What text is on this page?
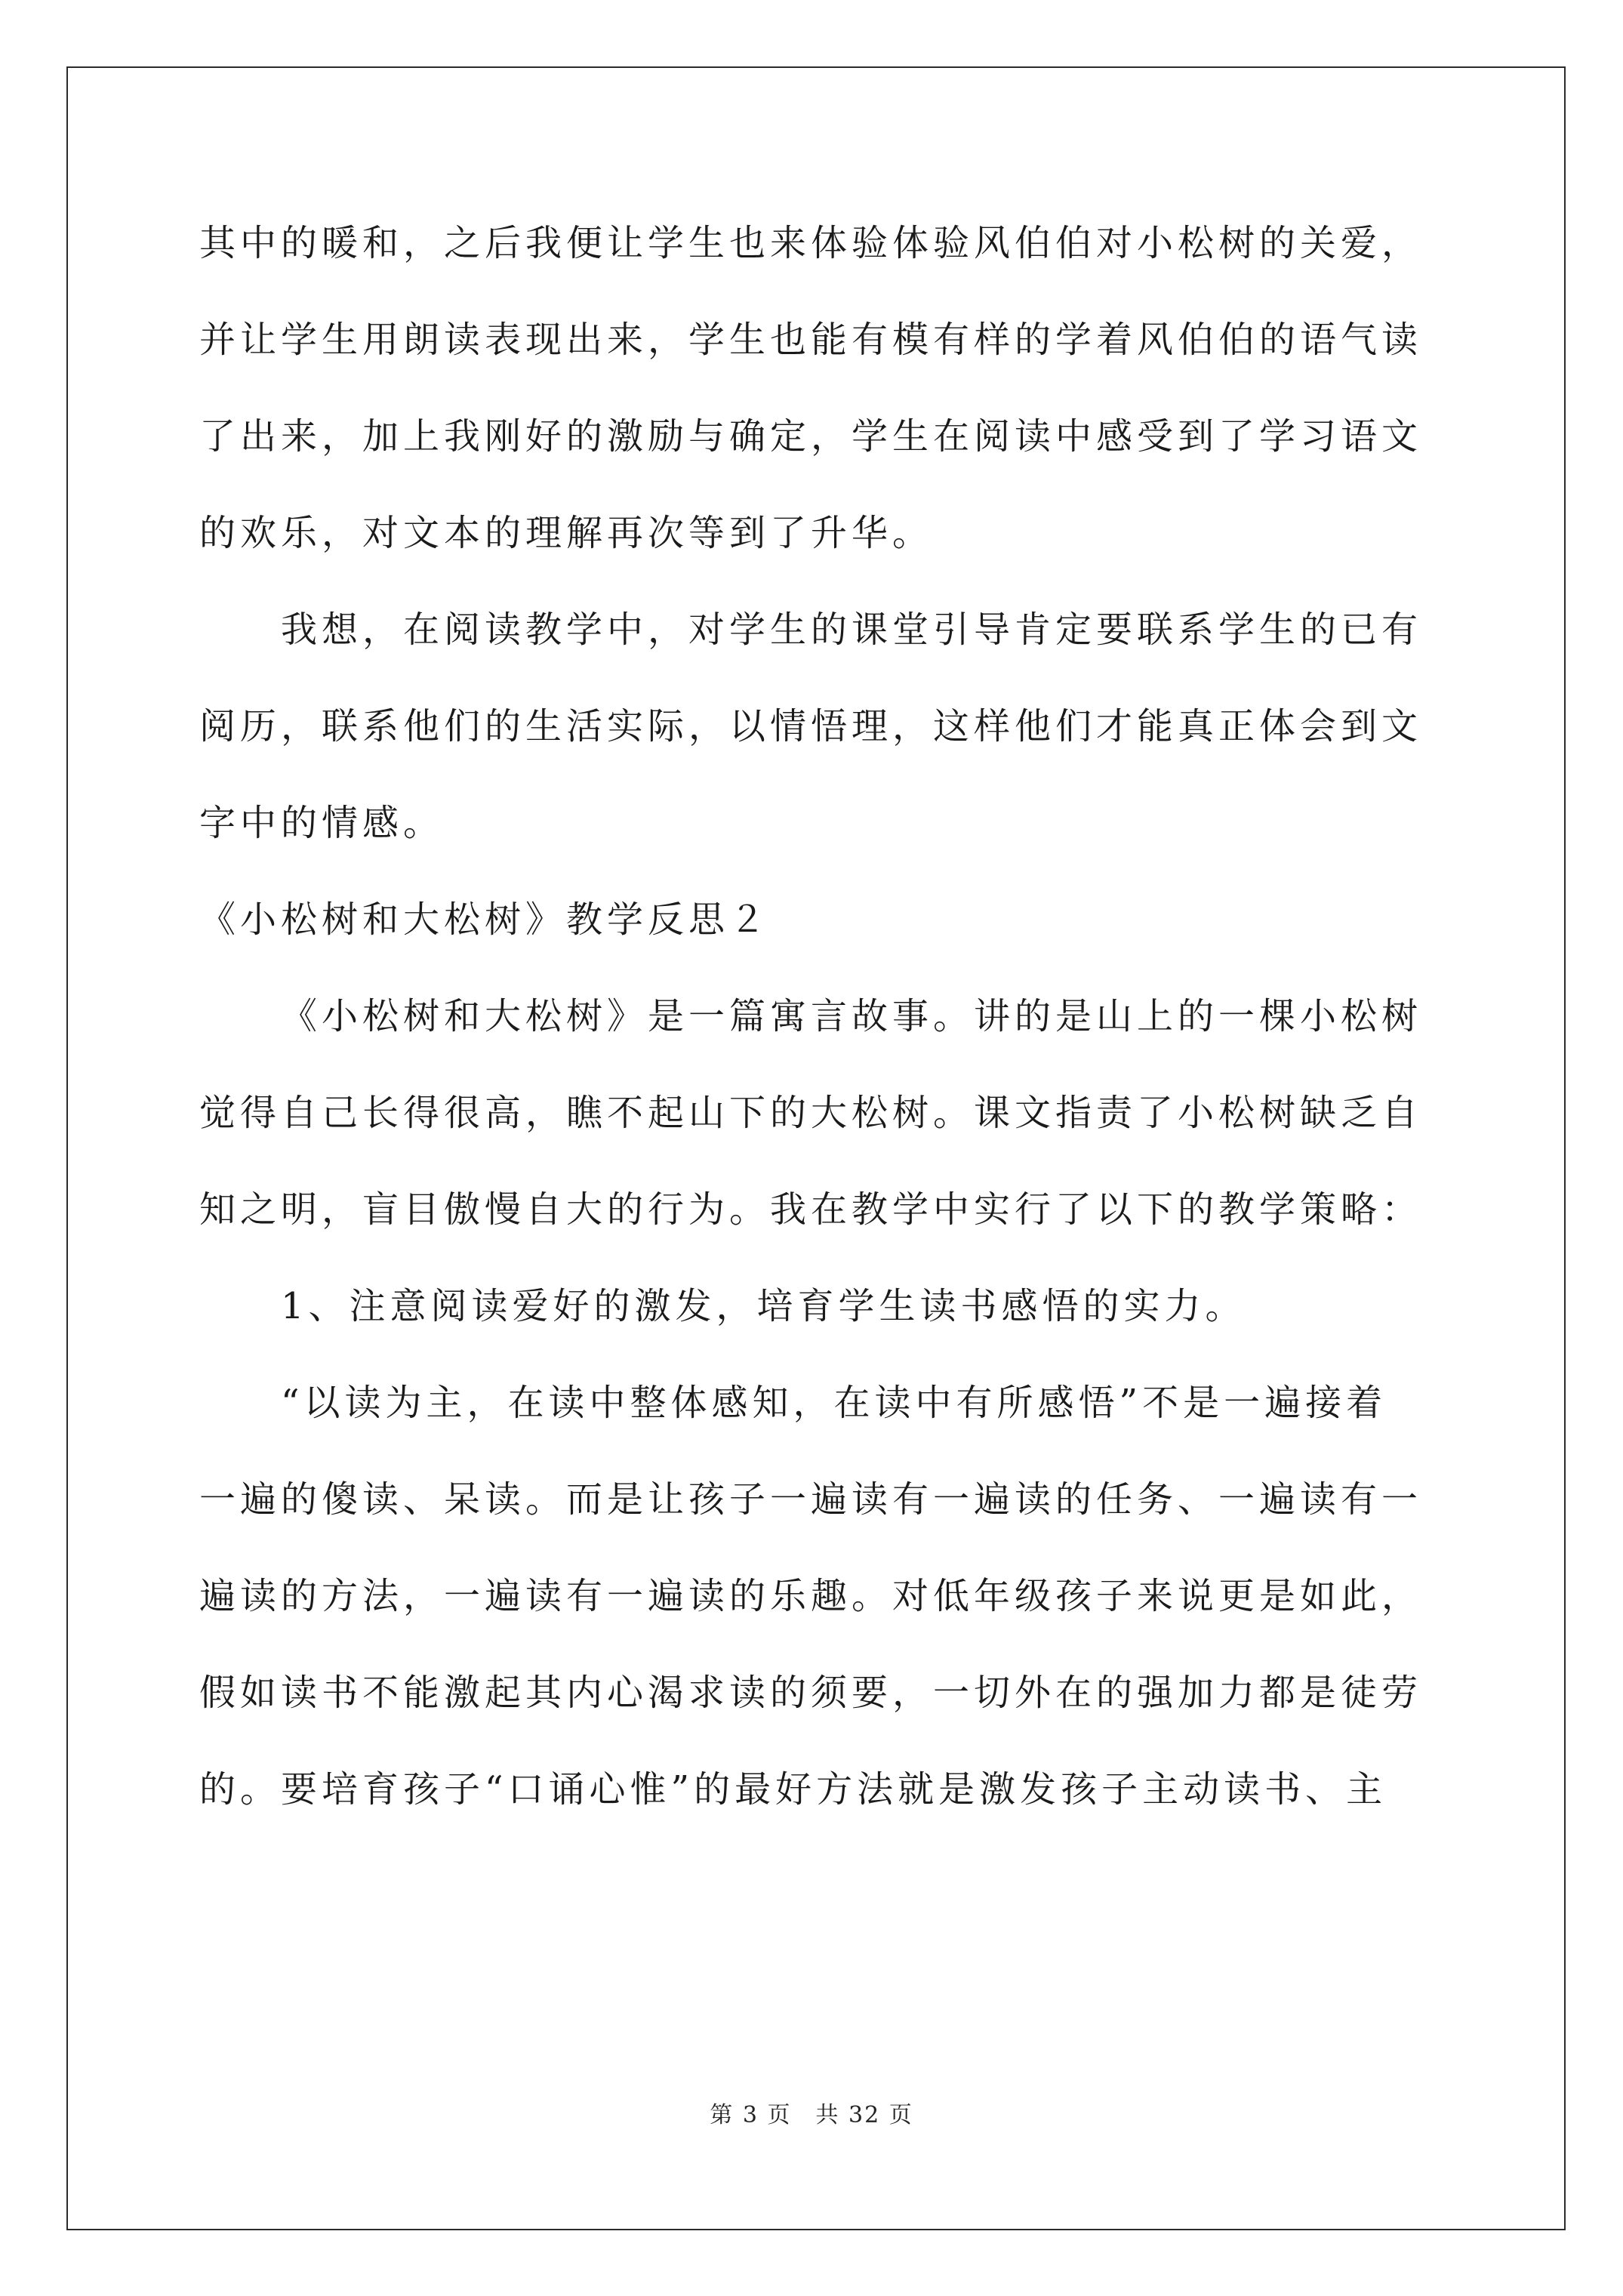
其中的暖和，之后我便让学生也来体验体验风伯伯对小松树的关爱，
并让学生用朗读表现出来，学生也能有模有样的学着风伯伯的语气读
了出来，加上我刚好的激励与确定，学生在阅读中感受到了学习语文
的欢乐，对文本的理解再次等到了升华。
我想，在阅读教学中，对学生的课堂引导肯定要联系学生的已有
阅历，联系他们的生活实际，以情悟理，这样他们才能真正体会到文
字中的情感。
《小松树和大松树》教学反思２
《小松树和大松树》是一篇寓言故事。讲的是山上的一棵小松树
觉得自己长得很高，瞧不起山下的大松树。课文指责了小松树缺乏自
知之明，盲目傲慢自大的行为。我在教学中实行了以下的教学策略：
1、注意阅读爱好的激发，培育学生读书感悟的实力。
“以读为主，在读中整体感知，在读中有所感悟”不是一遍接着
一遍的傻读、呆读。而是让孩子一遍读有一遍读的任务、一遍读有一
遍读的方法，一遍读有一遍读的乐趣。对低年级孩子来说更是如此，
假如读书不能激起其内心渴求读的须要，一切外在的强加力都是徒劳
的。要培育孩子“口诵心惟”的最好方法就是激发孩子主动读书、主
第 3 页　共 32 页
